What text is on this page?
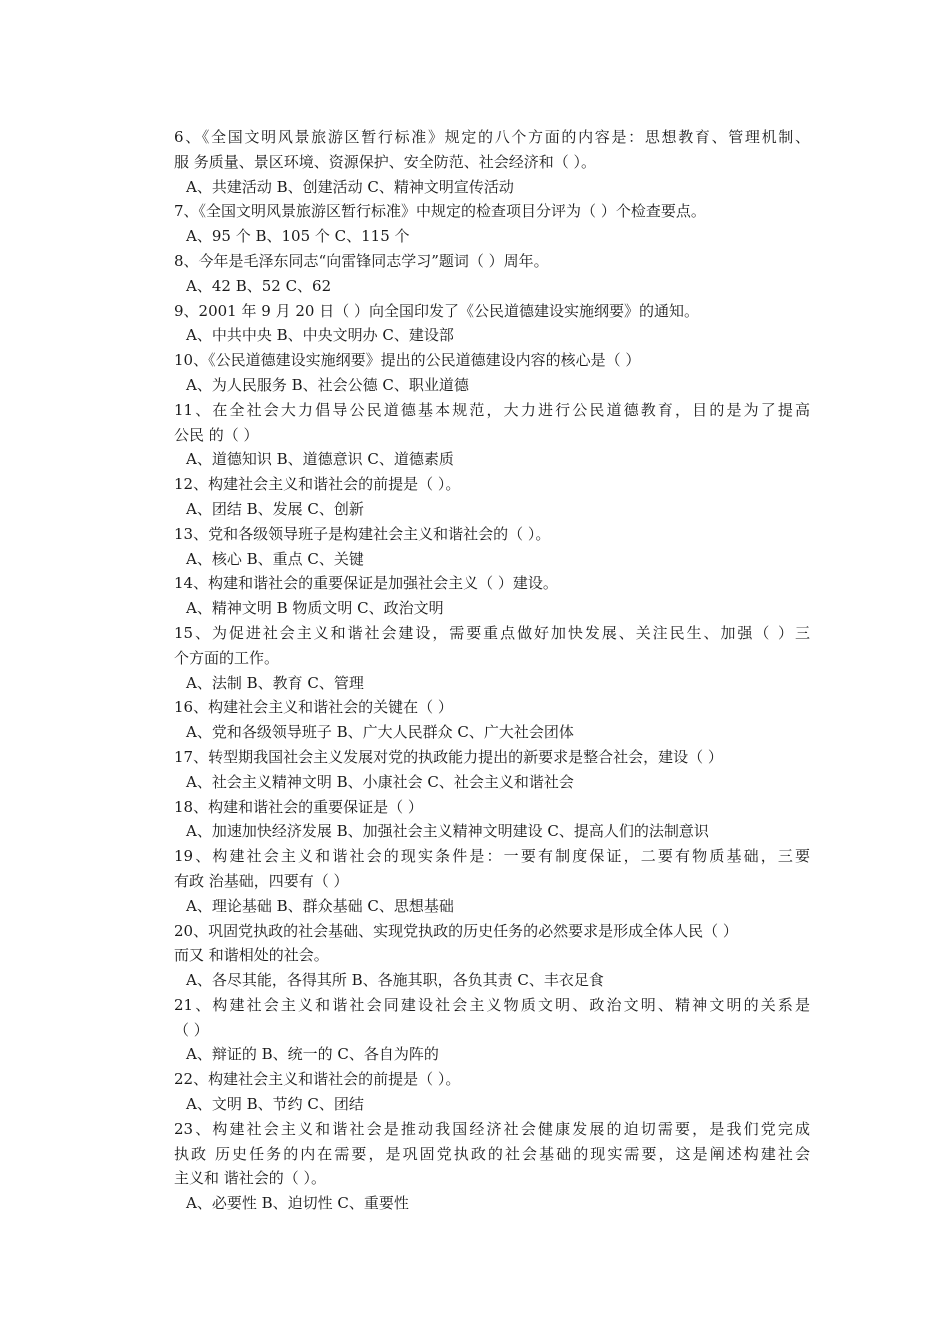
6、《全国文明风景旅游区暂行标准》规定的八个方面的内容是：思想教育、管理机制、
服 务质量、景区环境、资源保护、安全防范、社会经济和（ ）。
A、共建活动 B、创建活动 C、精神文明宣传活动
7、《全国文明风景旅游区暂行标准》中规定的检查项目分评为（ ）个检查要点。
A、95 个 B、105 个 C、115 个
8、今年是毛泽东同志“向雷锋同志学习”题词（ ）周年。
A、42 B、52 C、62
9、2001 年 9 月 20 日（ ）向全国印发了《公民道德建设实施纲要》的通知。
A、中共中央 B、中央文明办 C、建设部
10、《公民道德建设实施纲要》提出的公民道德建设内容的核心是（ ）
A、为人民服务 B、社会公德 C、职业道德
11、在全社会大力倡导公民道德基本规范，大力进行公民道德教育，目的是为了提高
公民 的（ ）
A、道德知识 B、道德意识 C、道德素质
12、构建社会主义和谐社会的前提是（ ）。
A、团结 B、发展 C、创新
13、党和各级领导班子是构建社会主义和谐社会的（ ）。
A、核心 B、重点 C、关键
14、构建和谐社会的重要保证是加强社会主义（ ）建设。
A、精神文明 B 物质文明 C、政治文明
15、为促进社会主义和谐社会建设，需要重点做好加快发展、关注民生、加强（ ）三
个方面的工作。
A、法制 B、教育 C、管理
16、构建社会主义和谐社会的关键在（ ）
A、党和各级领导班子 B、广大人民群众 C、广大社会团体
17、转型期我国社会主义发展对党的执政能力提出的新要求是整合社会，建设（ ）
A、社会主义精神文明 B、小康社会 C、社会主义和谐社会
18、构建和谐社会的重要保证是（ ）
A、加速加快经济发展 B、加强社会主义精神文明建设 C、提高人们的法制意识
19、构建社会主义和谐社会的现实条件是：一要有制度保证，二要有物质基础，三要
有政 治基础，四要有（ ）
A、理论基础 B、群众基础 C、思想基础
20、巩固党执政的社会基础、实现党执政的历史任务的必然要求是形成全体人民（ ）
而又 和谐相处的社会。
A、各尽其能，各得其所 B、各施其职，各负其责 C、丰衣足食
21、构建社会主义和谐社会同建设社会主义物质文明、政治文明、精神文明的关系是
（ ）
A、辩证的 B、统一的 C、各自为阵的
22、构建社会主义和谐社会的前提是（ ）。
A、文明 B、节约 C、团结
23、构建社会主义和谐社会是推动我国经济社会健康发展的迫切需要，是我们党完成
执政 历史任务的内在需要，是巩固党执政的社会基础的现实需要，这是阐述构建社会
主义和 谐社会的（ ）。
A、必要性 B、迫切性 C、重要性
